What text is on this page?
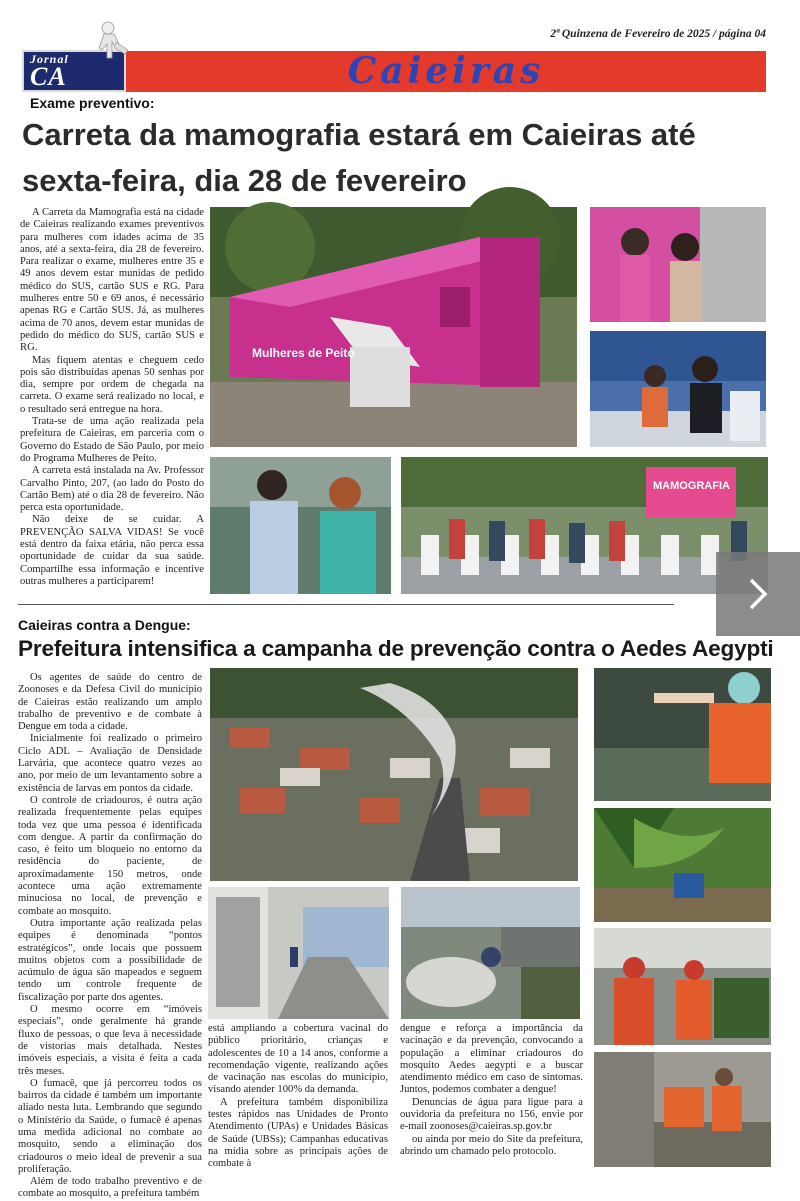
2ª Quinzena de Fevereiro de 2025 / página 04
Caieiras
Jornal
CA
Exame preventivo:
Carreta da mamografia estará em Caieiras até
sexta-feira, dia 28 de fevereiro

A Carreta da Mamografia está na cidade de Caieiras realizando exames preventivos para mulheres com idades acima de 35 anos, até a sexta-feira, dia 28 de fevereiro. Para realizar o exame, mulheres entre 35 e 49 anos devem estar munidas de pedido médico do SUS, cartão SUS e RG. Para mulheres entre 50 e 69 anos, é necessário apenas RG e Cartão SUS. Já, as mulheres acima de 70 anos, devem estar munidas de pedido do médico do SUS, cartão SUS e RG.

Mas fiquem atentas e cheguem cedo pois são distribuídas apenas 50 senhas por dia, sempre por ordem de chegada na carreta. O exame será realizado no local, e o resultado será entregue na hora.

Trata-se de uma ação realizada pela prefeitura de Caieiras, em parceria com o Governo do Estado de São Paulo, por meio do Programa Mulheres de Peito.

A carreta está instalada na Av. Professor Carvalho Pinto, 207, (ao lado do Posto do Cartão Bem) até o dia 28 de fevereiro. Não perca esta oportunidade.

Não deixe de se cuidar. A PREVENÇÃO SALVA VIDAS! Se você está dentro da faixa etária, não perca essa oportunidade de cuidar da sua saúde. Compartilhe essa informação e incentive outras mulheres a participarem!

Mulheres de Peito
MAMOGRAFIA
Caieiras contra a Dengue:
Prefeitura intensifica a campanha de prevenção contra o Aedes Aegypti

Os agentes de saúde do centro de Zoonoses e da Defesa Civil do município de Caieiras estão realizando um amplo trabalho de preventivo e de combate à Dengue em toda a cidade.

Inicialmente foi realizado o primeiro Ciclo ADL – Avaliação de Densidade Larvária, que acontece quatro vezes ao ano, por meio de um levantamento sobre a existência de larvas em pontos da cidade.

O controle de criadouros, é outra ação realizada frequentemente pelas equipes toda vez que uma pessoa é identificada com dengue. A partir da confirmação do caso, é feito um bloqueio no entorno da residência do paciente, de aproximadamente 150 metros, onde acontece uma ação extremamente minuciosa no local, de prevenção e combate ao mosquito.

Outra importante ação realizada pelas equipes é denominada “pontos estratégicos”, onde locais que possuem muitos objetos com a possibilidade de acúmulo de água são mapeados e seguem tendo um controle frequente de fiscalização por parte dos agentes.

O mesmo ocorre em “imóveis especiais”, onde geralmente há grande fluxo de pessoas, o que leva à necessidade de vistorias mais detalhada. Nestes imóveis especiais, a visita é feita a cada três meses.

O fumacê, que já percorreu todos os bairros da cidade é também um importante aliado nesta luta. Lembrando que segundo o Ministério da Saúde, o fumacê é apenas uma medida adicional no combate ao mosquito, sendo a eliminação dos criadouros o meio ideal de prevenir a sua proliferação.

Além de todo trabalho preventivo e de combate ao mosquito, a prefeitura também

está ampliando a cobertura vacinal do público prioritário, crianças e adolescentes de 10 a 14 anos, conforme a recomendação vigente, realizando ações de vacinação nas escolas do município, visando atender 100% da demanda.

A prefeitura também disponibiliza testes rápidos nas Unidades de Pronto Atendimento (UPAs) e Unidades Básicas de Saúde (UBSs); Campanhas educativas na mídia sobre as principais ações de combate à

dengue e reforça a importância da vacinação e da prevenção, convocando a população a eliminar criadouros do mosquito Aedes aegypti e a buscar atendimento médico em caso de sintomas. Juntos, podemos combater a dengue!

Denuncias de água para ligue para a ouvidoria da prefeitura no 156, envie por e-mail zoonoses@caieiras.sp.gov.br

ou ainda por meio do Site da prefeitura, abrindo um chamado pelo protocolo.
